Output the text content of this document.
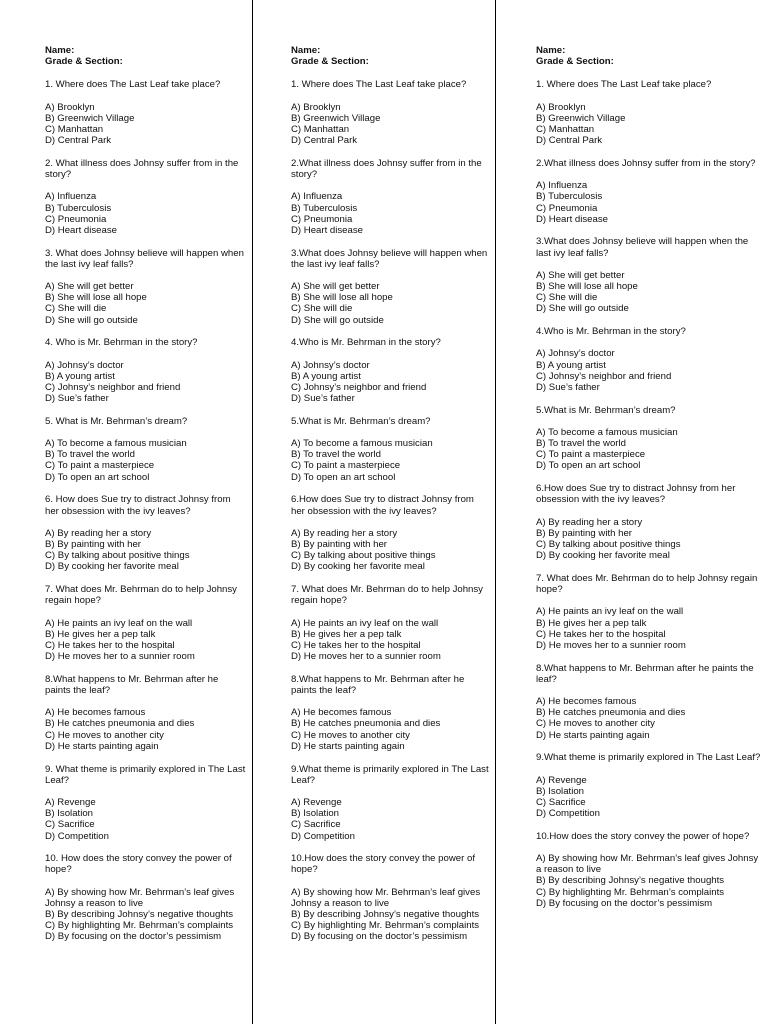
Name:
Grade & Section:

1. Where does The Last Leaf take place?

A) Brooklyn
B) Greenwich Village
C) Manhattan
D) Central Park

2. What illness does Johnsy suffer from in the story?

A) Influenza
B) Tuberculosis
C) Pneumonia
D) Heart disease

3. What does Johnsy believe will happen when the last ivy leaf falls?

A) She will get better
B) She will lose all hope
C) She will die
D) She will go outside

4. Who is Mr. Behrman in the story?

A) Johnsy’s doctor
B) A young artist
C) Johnsy’s neighbor and friend
D) Sue’s father

5. What is Mr. Behrman’s dream?

A) To become a famous musician
B) To travel the world
C) To paint a masterpiece
D) To open an art school

6. How does Sue try to distract Johnsy from her obsession with the ivy leaves?

A) By reading her a story
B) By painting with her
C) By talking about positive things
D) By cooking her favorite meal

7. What does Mr. Behrman do to help Johnsy regain hope?

A) He paints an ivy leaf on the wall
B) He gives her a pep talk
C) He takes her to the hospital
D) He moves her to a sunnier room

8.What happens to Mr. Behrman after he paints the leaf?

A) He becomes famous
B) He catches pneumonia and dies
C) He moves to another city
D) He starts painting again

9. What theme is primarily explored in The Last Leaf?

A) Revenge
B) Isolation
C) Sacrifice
D) Competition

10. How does the story convey the power of hope?

A) By showing how Mr. Behrman’s leaf gives Johnsy a reason to live
B) By describing Johnsy’s negative thoughts
C) By highlighting Mr. Behrman’s complaints
D) By focusing on the doctor’s pessimism
Name:
Grade & Section:

1. Where does The Last Leaf take place?

A) Brooklyn
B) Greenwich Village
C) Manhattan
D) Central Park

2.What illness does Johnsy suffer from in the story?

A) Influenza
B) Tuberculosis
C) Pneumonia
D) Heart disease

3.What does Johnsy believe will happen when the last ivy leaf falls?

A) She will get better
B) She will lose all hope
C) She will die
D) She will go outside

4.Who is Mr. Behrman in the story?

A) Johnsy’s doctor
B) A young artist
C) Johnsy’s neighbor and friend
D) Sue’s father

5.What is Mr. Behrman’s dream?

A) To become a famous musician
B) To travel the world
C) To paint a masterpiece
D) To open an art school

6.How does Sue try to distract Johnsy from her obsession with the ivy leaves?

A) By reading her a story
B) By painting with her
C) By talking about positive things
D) By cooking her favorite meal

7. What does Mr. Behrman do to help Johnsy regain hope?

A) He paints an ivy leaf on the wall
B) He gives her a pep talk
C) He takes her to the hospital
D) He moves her to a sunnier room

8.What happens to Mr. Behrman after he paints the leaf?

A) He becomes famous
B) He catches pneumonia and dies
C) He moves to another city
D) He starts painting again

9.What theme is primarily explored in The Last Leaf?

A) Revenge
B) Isolation
C) Sacrifice
D) Competition

10.How does the story convey the power of hope?

A) By showing how Mr. Behrman’s leaf gives Johnsy a reason to live
B) By describing Johnsy’s negative thoughts
C) By highlighting Mr. Behrman’s complaints
D) By focusing on the doctor’s pessimism
Name:
Grade & Section:

1. Where does The Last Leaf take place?

A) Brooklyn
B) Greenwich Village
C) Manhattan
D) Central Park

2.What illness does Johnsy suffer from in the story?

A) Influenza
B) Tuberculosis
C) Pneumonia
D) Heart disease

3.What does Johnsy believe will happen when the last ivy leaf falls?

A) She will get better
B) She will lose all hope
C) She will die
D) She will go outside

4.Who is Mr. Behrman in the story?

A) Johnsy’s doctor
B) A young artist
C) Johnsy’s neighbor and friend
D) Sue’s father

5.What is Mr. Behrman’s dream?

A) To become a famous musician
B) To travel the world
C) To paint a masterpiece
D) To open an art school

6.How does Sue try to distract Johnsy from her obsession with the ivy leaves?

A) By reading her a story
B) By painting with her
C) By talking about positive things
D) By cooking her favorite meal

7. What does Mr. Behrman do to help Johnsy regain hope?

A) He paints an ivy leaf on the wall
B) He gives her a pep talk
C) He takes her to the hospital
D) He moves her to a sunnier room

8.What happens to Mr. Behrman after he paints the leaf?

A) He becomes famous
B) He catches pneumonia and dies
C) He moves to another city
D) He starts painting again

9.What theme is primarily explored in The Last Leaf?

A) Revenge
B) Isolation
C) Sacrifice
D) Competition

10.How does the story convey the power of hope?

A) By showing how Mr. Behrman’s leaf gives Johnsy a reason to live
B) By describing Johnsy’s negative thoughts
C) By highlighting Mr. Behrman’s complaints
D) By focusing on the doctor’s pessimism
